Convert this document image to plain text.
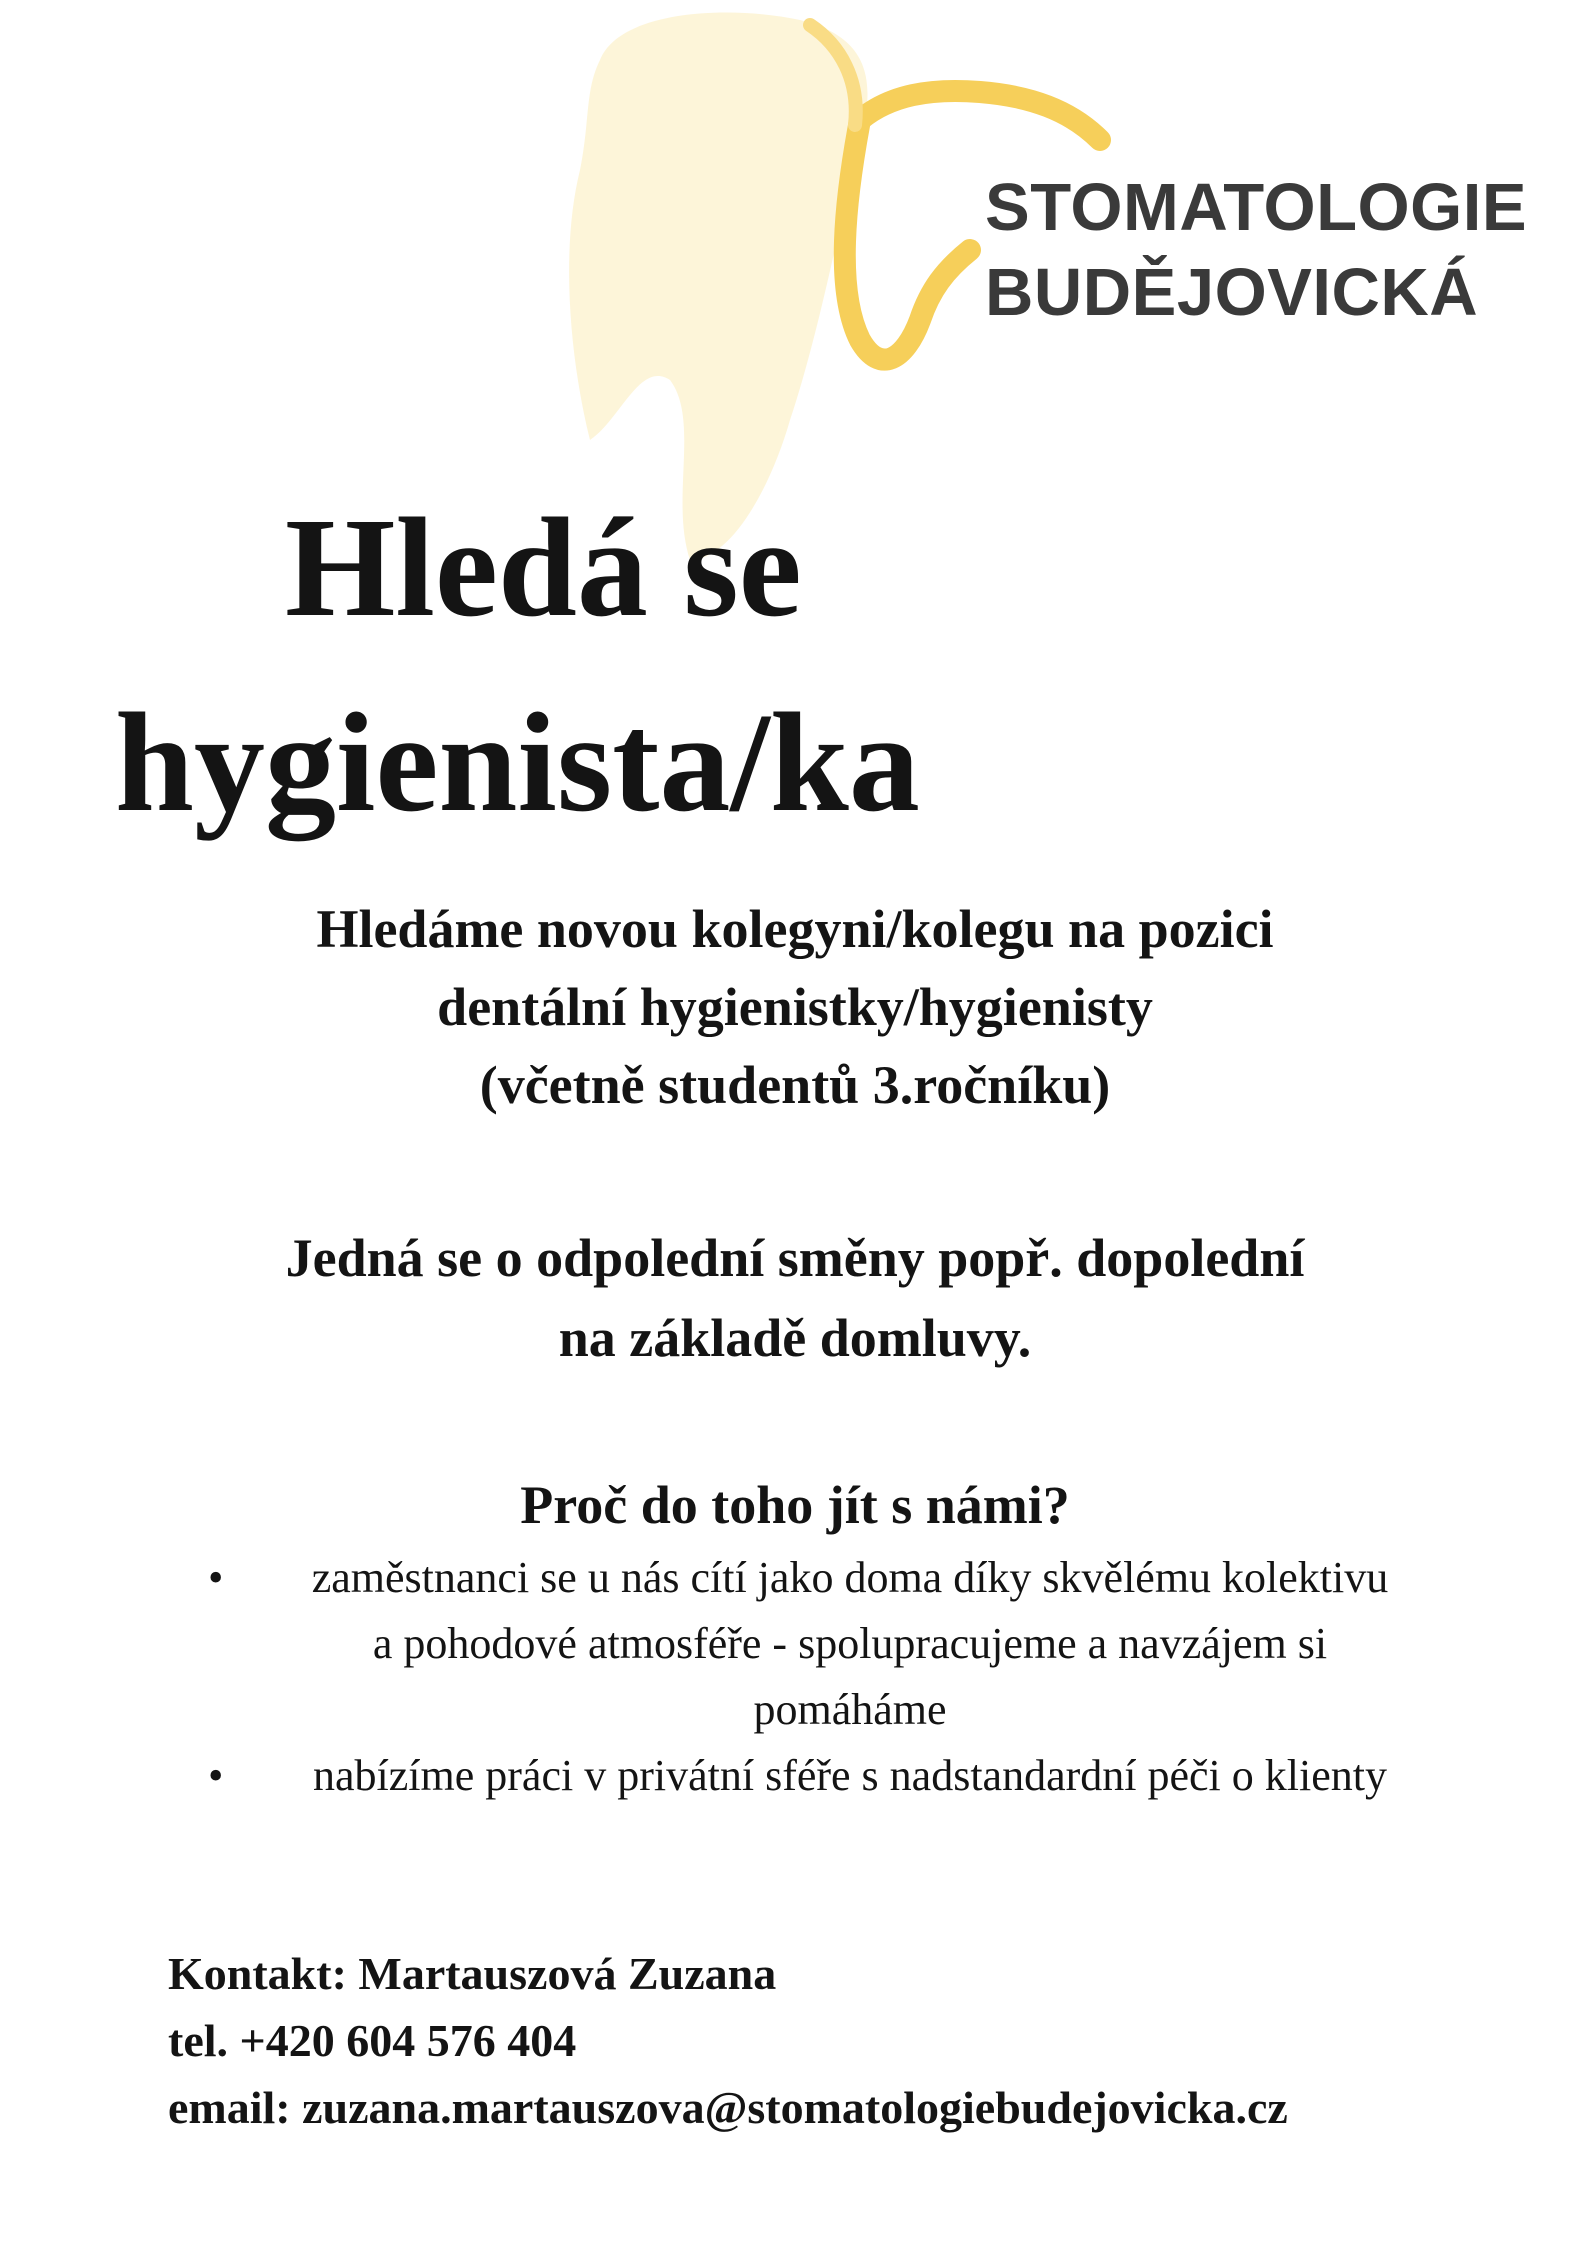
STOMATOLOGIE
BUDĚJOVICKÁ
Hledá se
hygienista/ka

Hledáme novou kolegyni/kolegu na pozici
dentální hygienistky/hygienisty
(včetně studentů 3.ročníku)

Jedná se o odpolední směny popř. dopolední
na základě domluvy.

Proč do toho jít s námi?
• zaměstnanci se u nás cítí jako doma díky skvělému kolektivu a pohodové atmosféře - spolupracujeme a navzájem si pomáháme
• nabízíme práci v privátní sféře s nadstandardní péči o klienty
Kontakt: Martauszová Zuzana
tel. +420 604 576 404
email: zuzana.martauszova@stomatologiebudejovicka.cz
